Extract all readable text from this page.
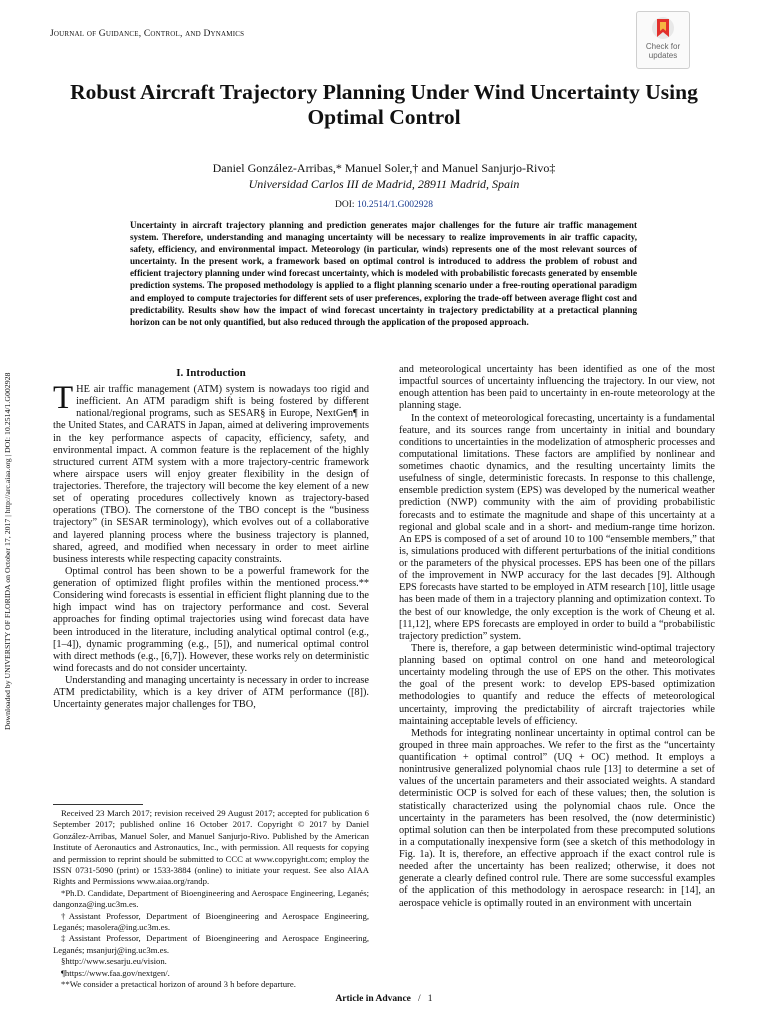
Journal of Guidance, Control, and Dynamics
Check for
updates
Robust Aircraft Trajectory Planning Under Wind Uncertainty Using Optimal Control
Daniel González-Arribas,* Manuel Soler,† and Manuel Sanjurjo-Rivo‡
Universidad Carlos III de Madrid, 28911 Madrid, Spain
DOI: 10.2514/1.G002928
Uncertainty in aircraft trajectory planning and prediction generates major challenges for the future air traffic management system. Therefore, understanding and managing uncertainty will be necessary to realize improvements in air traffic capacity, safety, efficiency, and environmental impact. Meteorology (in particular, winds) represents one of the most relevant sources of uncertainty. In the present work, a framework based on optimal control is introduced to address the problem of robust and efficient trajectory planning under wind forecast uncertainty, which is modeled with probabilistic forecasts generated by ensemble prediction systems. The proposed methodology is applied to a flight planning scenario under a free-routing operational paradigm and employed to compute trajectories for different sets of user preferences, exploring the trade-off between average flight cost and predictability. Results show how the impact of wind forecast uncertainty in trajectory predictability at a pretactical planning horizon can be not only quantified, but also reduced through the application of the proposed approach.
Downloaded by UNIVERSITY OF FLORIDA on October 17, 2017 | http://arc.aiaa.org | DOI: 10.2514/1.G002928	I. Introduction

THE air traffic management (ATM) system is nowadays too rigid and inefficient. An ATM paradigm shift is being fostered by different national/regional programs, such as SESAR§ in Europe, NextGen¶ in the United States, and CARATS in Japan, aimed at delivering improvements in the key performance aspects of capacity, efficiency, safety, and environmental impact. A common feature is the replacement of the highly structured current ATM system with a more trajectory-centric framework where airspace users will enjoy greater flexibility in the design of trajectories. Therefore, the trajectory will become the key element of a new set of operating procedures collectively known as trajectory-based operations (TBO). The cornerstone of the TBO concept is the “business trajectory” (in SESAR terminology), which evolves out of a collaborative and layered planning process where the business trajectory is planned, shared, agreed, and modified when necessary in order to meet airline business interests while respecting capacity constraints.

Optimal control has been shown to be a powerful framework for the generation of optimized flight profiles within the mentioned process.** Considering wind forecasts is essential in efficient flight planning due to the high impact wind has on trajectory performance and cost. Several approaches for finding optimal trajectories using wind forecast data have been introduced in the literature, including analytical optimal control (e.g., [1–4]), dynamic programming (e.g., [5]), and numerical optimal control with direct methods (e.g., [6,7]). However, these works rely on deterministic wind forecasts and do not consider uncertainty.

Understanding and managing uncertainty is necessary in order to increase ATM predictability, which is a key driver of ATM performance ([8]). Uncertainty generates major challenges for TBO,

and meteorological uncertainty has been identified as one of the most impactful sources of uncertainty influencing the trajectory. In our view, not enough attention has been paid to uncertainty in en-route meteorology at the planning stage.

In the context of meteorological forecasting, uncertainty is a fundamental feature, and its sources range from uncertainty in initial and boundary conditions to uncertainties in the modelization of atmospheric processes and computational limitations. These factors are amplified by nonlinear and sometimes chaotic dynamics, and the resulting uncertainty limits the usefulness of single, deterministic forecasts. In response to this challenge, ensemble prediction system (EPS) was developed by the numerical weather prediction (NWP) community with the aim of providing probabilistic forecasts and to estimate the magnitude and shape of this uncertainty at a regional and global scale and in a short- and medium-range time horizon. An EPS is composed of a set of around 10 to 100 “ensemble members,” that is, simulations produced with different perturbations of the initial conditions or the parameters of the physical processes. EPS has been one of the pillars of the improvement in NWP accuracy for the last decades [9]. Although EPS forecasts have started to be employed in ATM research [10], little usage has been made of them in a trajectory planning and optimization context. To the best of our knowledge, the only exception is the work of Cheung et al. [11,12], where EPS forecasts are employed in order to build a “probabilistic trajectory prediction” system.

There is, therefore, a gap between deterministic wind-optimal trajectory planning based on optimal control on one hand and meteorological uncertainty modeling through the use of EPS on the other. This motivates the goal of the present work: to develop EPS-based optimization methodologies to quantify and reduce the effects of meteorological uncertainty, improving the predictability of aircraft trajectories while maintaining acceptable levels of efficiency.

Methods for integrating nonlinear uncertainty in optimal control can be grouped in three main approaches. We refer to the first as the “uncertainty quantification + optimal control” (UQ + OC) method. It employs a nonintrusive generalized polynomial chaos rule [13] to determine a set of values of the uncertain parameters and their associated weights. A standard deterministic OCP is solved for each of these values; then, the solution is statistically characterized using the polynomial chaos rule. Once the uncertainty in the parameters has been resolved, the (now deterministic) optimal solution can then be interpolated from these precomputed solutions in a computationally inexpensive form (see a sketch of this methodology in Fig. 1a). It is, therefore, an effective approach if the exact control rule is needed after the uncertainty has been realized; otherwise, it does not generate a clearly defined control rule. There are some successful examples of the application of this methodology in aerospace research: in [14], an aerospace vehicle is optimally routed in an environment with uncertain

Received 23 March 2017; revision received 29 August 2017; accepted for publication 6 September 2017; published online 16 October 2017. Copyright © 2017 by Daniel González-Arribas, Manuel Soler, and Manuel Sanjurjo-Rivo. Published by the American Institute of Aeronautics and Astronautics, Inc., with permission. All requests for copying and permission to reprint should be submitted to CCC at www.copyright.com; employ the ISSN 0731-5090 (print) or 1533-3884 (online) to initiate your request. See also AIAA Rights and Permissions www.aiaa.org/randp.

*Ph.D. Candidate, Department of Bioengineering and Aerospace Engineering, Leganés; dangonza@ing.uc3m.es.

†Assistant Professor, Department of Bioengineering and Aerospace Engineering, Leganés; masolera@ing.uc3m.es.

‡Assistant Professor, Department of Bioengineering and Aerospace Engineering, Leganés; msanjurj@ing.uc3m.es.

§http://www.sesarju.eu/vision.

¶https://www.faa.gov/nextgen/.

**We consider a pretactical horizon of around 3 h before departure.

Article in Advance / 1
